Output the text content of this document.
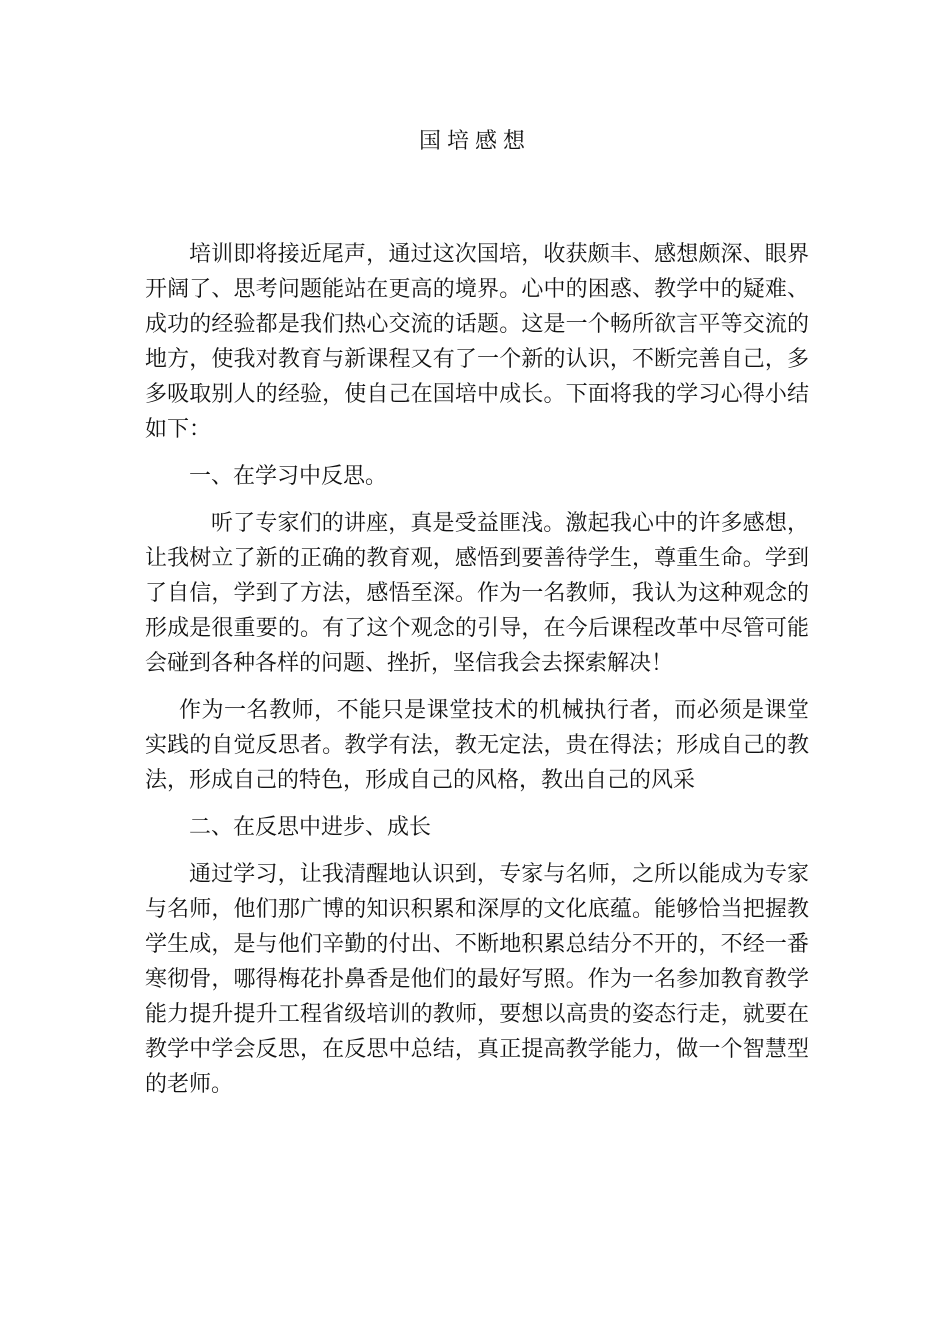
国培感想

培训即将接近尾声，通过这次国培，收获颇丰、感想颇深、眼界开阔了、思考问题能站在更高的境界。心中的困惑、教学中的疑难、成功的经验都是我们热心交流的话题。这是一个畅所欲言平等交流的地方，使我对教育与新课程又有了一个新的认识，不断完善自己，多多吸取别人的经验，使自己在国培中成长。下面将我的学习心得小结如下：

一、在学习中反思。

听了专家们的讲座，真是受益匪浅。激起我心中的许多感想，让我树立了新的正确的教育观，感悟到要善待学生，尊重生命。学到了自信，学到了方法，感悟至深。作为一名教师，我认为这种观念的形成是很重要的。有了这个观念的引导，在今后课程改革中尽管可能会碰到各种各样的问题、挫折，坚信我会去探索解决！

作为一名教师，不能只是课堂技术的机械执行者，而必须是课堂实践的自觉反思者。教学有法，教无定法，贵在得法；形成自己的教法，形成自己的特色，形成自己的风格，教出自己的风采

二、在反思中进步、成长

通过学习，让我清醒地认识到，专家与名师，之所以能成为专家与名师，他们那广博的知识积累和深厚的文化底蕴。能够恰当把握教学生成，是与他们辛勤的付出、不断地积累总结分不开的，不经一番寒彻骨，哪得梅花扑鼻香是他们的最好写照。作为一名参加教育教学能力提升提升工程省级培训的教师，要想以高贵的姿态行走，就要在教学中学会反思，在反思中总结，真正提高教学能力，做一个智慧型的老师。
